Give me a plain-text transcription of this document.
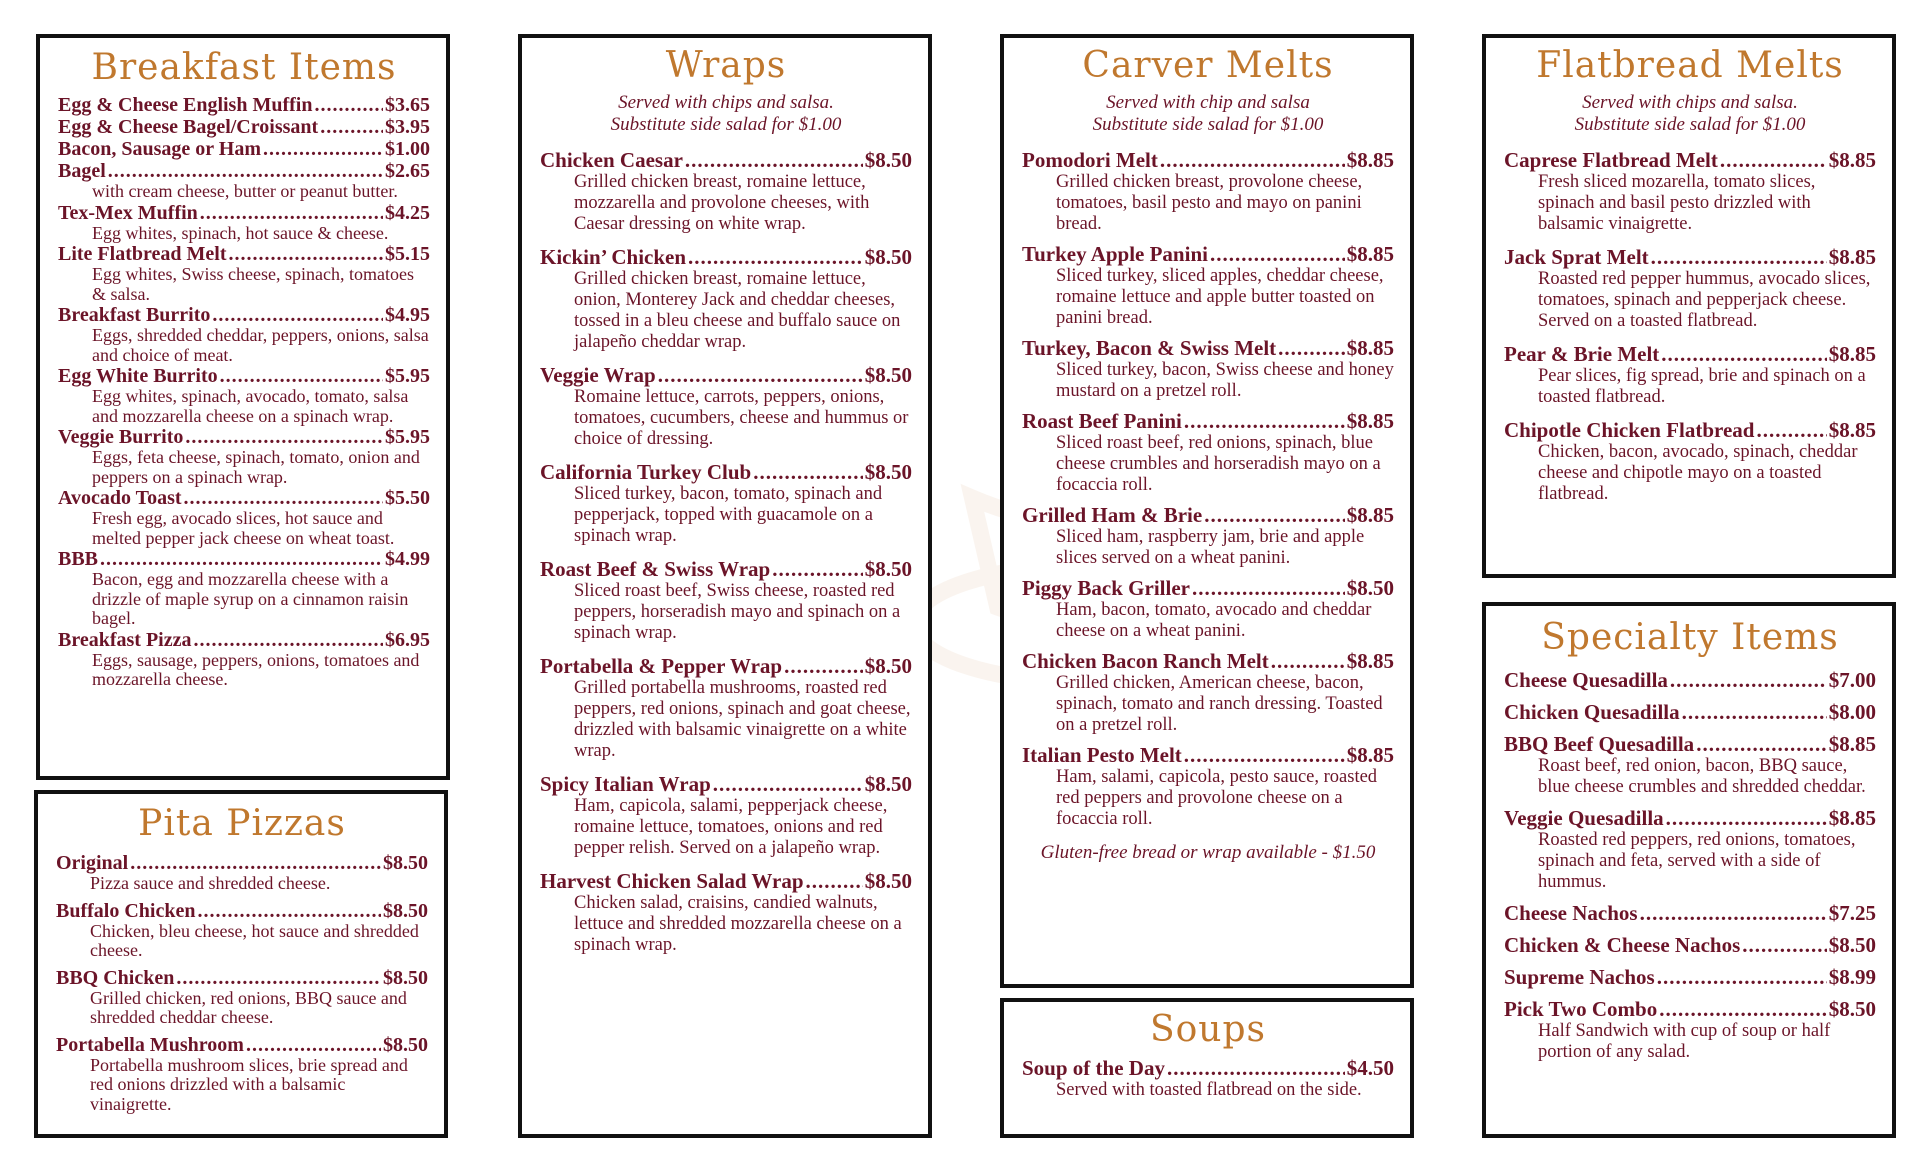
Breakfast Items
Egg & Cheese English Muffin .....	$3.65
Egg & Cheese Bagel/Croissant .....	$3.95
Bacon, Sausage or Ham .....	$1.00
Bagel .....	$2.65
with cream cheese, butter or peanut butter.
Tex-Mex Muffin .....	$4.25
Egg whites, spinach, hot sauce & cheese.
Lite Flatbread Melt .....	$5.15
Egg whites, Swiss cheese, spinach, tomatoes & salsa.
Breakfast Burrito .....	$4.95
Eggs, shredded cheddar, peppers, onions, salsa and choice of meat.
Egg White Burrito .....	$5.95
Egg whites, spinach, avocado, tomato, salsa and mozzarella cheese on a spinach wrap.
Veggie Burrito .....	$5.95
Eggs, feta cheese, spinach, tomato, onion and peppers on a spinach wrap.
Avocado Toast .....	$5.50
Fresh egg, avocado slices, hot sauce and melted pepper jack cheese on wheat toast.
BBB .....	$4.99
Bacon, egg and mozzarella cheese with a drizzle of maple syrup on a cinnamon raisin bagel.
Breakfast Pizza .....	$6.95
Eggs, sausage, peppers, onions, tomatoes and mozzarella cheese.
Pita Pizzas
Original .....	$8.50
Pizza sauce and shredded cheese.
Buffalo Chicken .....	$8.50
Chicken, bleu cheese, hot sauce and shredded cheese.
BBQ Chicken .....	$8.50
Grilled chicken, red onions, BBQ sauce and shredded cheddar cheese.
Portabella Mushroom .....	$8.50
Portabella mushroom slices, brie spread and red onions drizzled with a balsamic vinaigrette.
Wraps
Served with chips and salsa.
Substitute side salad for $1.00
Chicken Caesar .....	$8.50
Grilled chicken breast, romaine lettuce, mozzarella and provolone cheeses, with Caesar dressing on white wrap.
Kickin’ Chicken .....	$8.50
Grilled chicken breast, romaine lettuce, onion, Monterey Jack and cheddar cheeses, tossed in a bleu cheese and buffalo sauce on jalapeño cheddar wrap.
Veggie Wrap .....	$8.50
Romaine lettuce, carrots, peppers, onions, tomatoes, cucumbers, cheese and hummus or choice of dressing.
California Turkey Club .....	$8.50
Sliced turkey, bacon, tomato, spinach and pepperjack, topped with guacamole on a spinach wrap.
Roast Beef & Swiss Wrap .....	$8.50
Sliced roast beef, Swiss cheese, roasted red peppers, horseradish mayo and spinach on a spinach wrap.
Portabella & Pepper Wrap .....	$8.50
Grilled portabella mushrooms, roasted red peppers, red onions, spinach and goat cheese, drizzled with balsamic vinaigrette on a white wrap.
Spicy Italian Wrap .....	$8.50
Ham, capicola, salami, pepperjack cheese, romaine lettuce, tomatoes, onions and red pepper relish. Served on a jalapeño wrap.
Harvest Chicken Salad Wrap .....	$8.50
Chicken salad, craisins, candied walnuts, lettuce and shredded mozzarella cheese on a spinach wrap.
Carver Melts
Served with chip and salsa
Substitute side salad for $1.00
Pomodori Melt .....	$8.85
Grilled chicken breast, provolone cheese, tomatoes, basil pesto and mayo on panini bread.
Turkey Apple Panini .....	$8.85
Sliced turkey, sliced apples, cheddar cheese, romaine lettuce and apple butter toasted on panini bread.
Turkey, Bacon & Swiss Melt .....	$8.85
Sliced turkey, bacon, Swiss cheese and honey mustard on a pretzel roll.
Roast Beef Panini .....	$8.85
Sliced roast beef, red onions, spinach, blue cheese crumbles and horseradish mayo on a focaccia roll.
Grilled Ham & Brie .....	$8.85
Sliced ham, raspberry jam, brie and apple slices served on a wheat panini.
Piggy Back Griller .....	$8.50
Ham, bacon, tomato, avocado and cheddar cheese on a wheat panini.
Chicken Bacon Ranch Melt .....	$8.85
Grilled chicken, American cheese, bacon, spinach, tomato and ranch dressing. Toasted on a pretzel roll.
Italian Pesto Melt .....	$8.85
Ham, salami, capicola, pesto sauce, roasted red peppers and provolone cheese on a focaccia roll.
Gluten-free bread or wrap available - $1.50
Soups
Soup of the Day .....	$4.50
Served with toasted flatbread on the side.
Flatbread Melts
Served with chips and salsa.
Substitute side salad for $1.00
Caprese Flatbread Melt .....	$8.85
Fresh sliced mozarella, tomato slices, spinach and basil pesto drizzled with balsamic vinaigrette.
Jack Sprat Melt .....	$8.85
Roasted red pepper hummus, avocado slices, tomatoes, spinach and pepperjack cheese. Served on a toasted flatbread.
Pear & Brie Melt .....	$8.85
Pear slices, fig spread, brie and spinach on a toasted flatbread.
Chipotle Chicken Flatbread .....	$8.85
Chicken, bacon, avocado, spinach, cheddar cheese and chipotle mayo on a toasted flatbread.
Specialty Items
Cheese Quesadilla .....	$7.00
Chicken Quesadilla .....	$8.00
BBQ Beef Quesadilla .....	$8.85
Roast beef, red onion, bacon, BBQ sauce, blue cheese crumbles and shredded cheddar.
Veggie Quesadilla .....	$8.85
Roasted red peppers, red onions, tomatoes, spinach and feta, served with a side of hummus.
Cheese Nachos .....	$7.25
Chicken & Cheese Nachos .....	$8.50
Supreme Nachos .....	$8.99
Pick Two Combo .....	$8.50
Half Sandwich with cup of soup or half portion of any salad.
